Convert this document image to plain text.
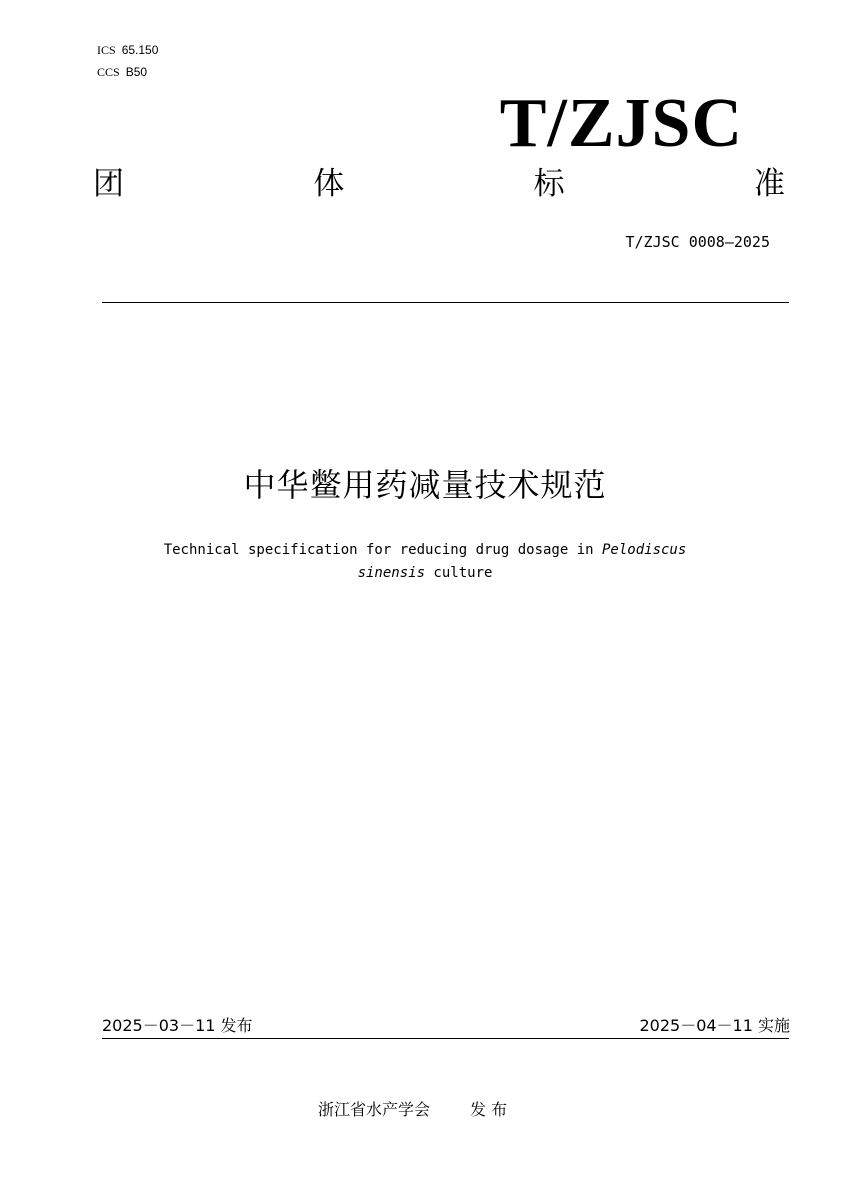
ICS 65.150
CCS B50
T/ZJSC
团	体	标	准
T/ZJSC 0008—2025
中华鳖用药减量技术规范
Technical specification for reducing drug dosage in Pelodiscus
sinensis culture
2025－03－11 发布	2025－04－11 实施
浙江省水产学会	发 布
